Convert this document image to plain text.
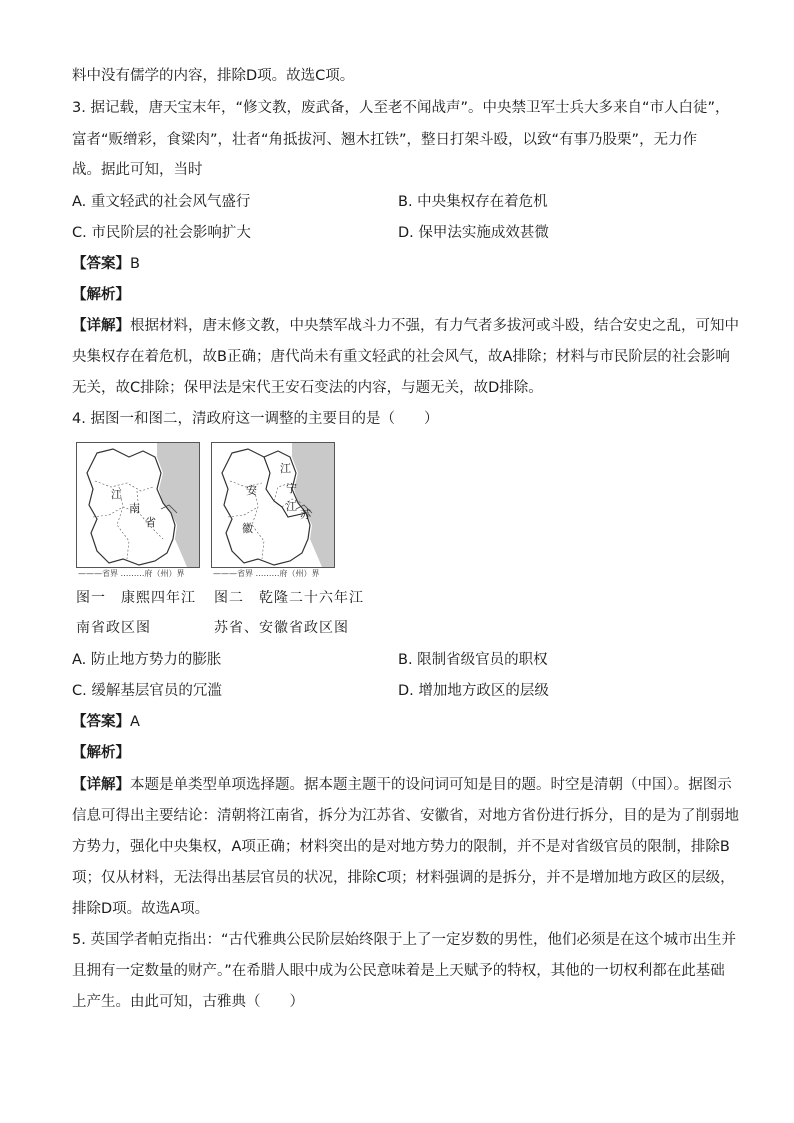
料中没有儒学的内容，排除D项。故选C项。
3. 据记载，唐天宝末年，“修文教，废武备，人至老不闻战声”。中央禁卫军士兵大多来自“市人白徒”，
富者“贩缯彩，食粱肉”，壮者“角抵拔河、翘木扛铁”，整日打架斗殴，以致“有事乃股栗”，无力作
战。据此可知，当时
A. 重文轻武的社会风气盛行	B. 中央集权存在着危机
C. 市民阶层的社会影响扩大	D. 保甲法实施成效甚微
【答案】B
【解析】
【详解】根据材料，唐末修文教，中央禁军战斗力不强，有力气者多拔河或斗殴，结合安史之乱，可知中
央集权存在着危机，故B正确；唐代尚未有重文轻武的社会风气，故A排除；材料与市民阶层的社会影响
无关，故C排除；保甲法是宋代王安石变法的内容，与题无关，故D排除。
4. 据图一和图二，清政府这一调整的主要目的是（　　）
江
南
省
———省界 ………府（州）界
江
安	宁
江
苏
徽
———省界 ………府（州）界
图一　康熙四年江
南省政区图
图二　乾隆二十六年江
苏省、安徽省政区图
A. 防止地方势力的膨胀	B. 限制省级官员的职权
C. 缓解基层官员的冗滥	D. 增加地方政区的层级
【答案】A
【解析】
【详解】本题是单类型单项选择题。据本题主题干的设问词可知是目的题。时空是清朝（中国）。据图示
信息可得出主要结论：清朝将江南省，拆分为江苏省、安徽省，对地方省份进行拆分，目的是为了削弱地
方势力，强化中央集权，A项正确；材料突出的是对地方势力的限制，并不是对省级官员的限制，排除B
项；仅从材料，无法得出基层官员的状况，排除C项；材料强调的是拆分，并不是增加地方政区的层级，
排除D项。故选A项。
5. 英国学者帕克指出：“古代雅典公民阶层始终限于上了一定岁数的男性，他们必须是在这个城市出生并
且拥有一定数量的财产。”在希腊人眼中成为公民意味着是上天赋予的特权，其他的一切权利都在此基础
上产生。由此可知，古雅典（　　）
